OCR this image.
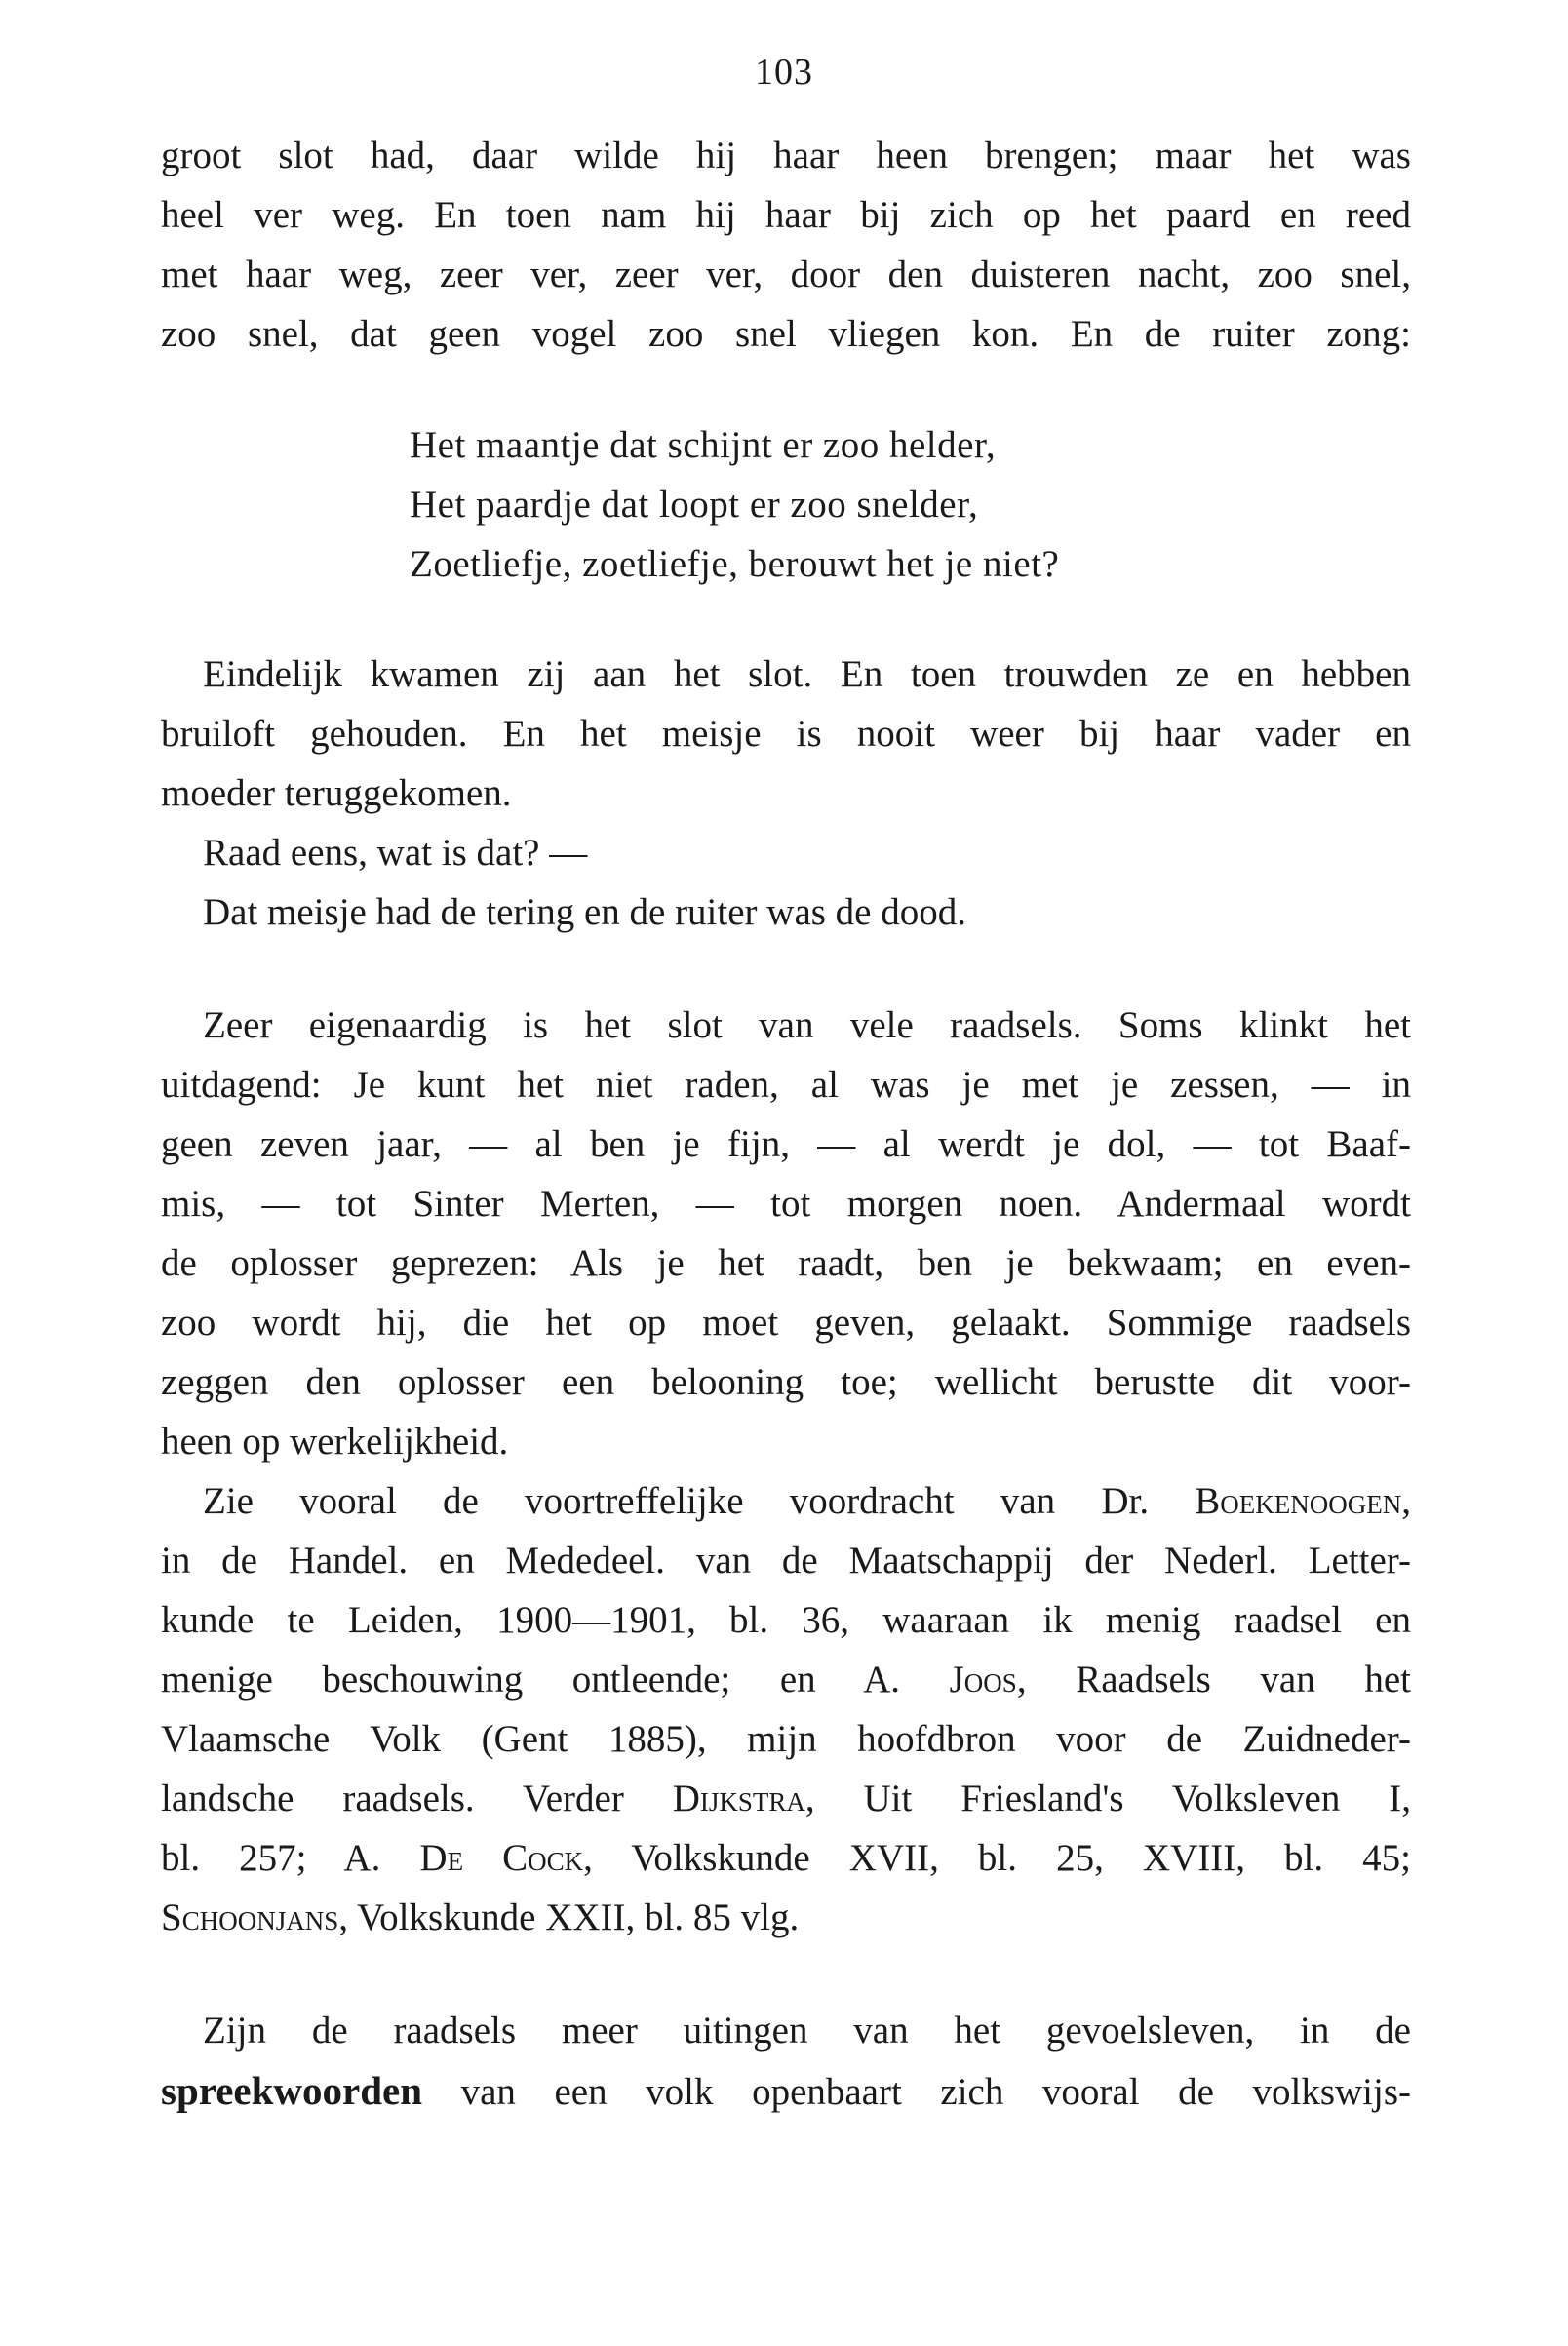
103
groot slot had, daar wilde hij haar heen brengen; maar het was
heel ver weg. En toen nam hij haar bij zich op het paard en reed
met haar weg, zeer ver, zeer ver, door den duisteren nacht, zoo snel,
zoo snel, dat geen vogel zoo snel vliegen kon. En de ruiter zong:
Het maantje dat schijnt er zoo helder,
Het paardje dat loopt er zoo snelder,
Zoetliefje, zoetliefje, berouwt het je niet?
Eindelijk kwamen zij aan het slot. En toen trouwden ze en hebben
bruiloft gehouden. En het meisje is nooit weer bij haar vader en
moeder teruggekomen.
Raad eens, wat is dat? —
Dat meisje had de tering en de ruiter was de dood.
Zeer eigenaardig is het slot van vele raadsels. Soms klinkt het
uitdagend: Je kunt het niet raden, al was je met je zessen, — in
geen zeven jaar, — al ben je fijn, — al werdt je dol, — tot Baaf-
mis, — tot Sinter Merten, — tot morgen noen. Andermaal wordt
de oplosser geprezen: Als je het raadt, ben je bekwaam; en even-
zoo wordt hij, die het op moet geven, gelaakt. Sommige raadsels
zeggen den oplosser een belooning toe; wellicht berustte dit voor-
heen op werkelijkheid.
Zie vooral de voortreffelijke voordracht van Dr. Boekenoogen,
in de Handel. en Mededeel. van de Maatschappij der Nederl. Letter-
kunde te Leiden, 1900—1901, bl. 36, waaraan ik menig raadsel en
menige beschouwing ontleende; en A. Joos, Raadsels van het
Vlaamsche Volk (Gent 1885), mijn hoofdbron voor de Zuidneder-
landsche raadsels. Verder Dijkstra, Uit Friesland's Volksleven I,
bl. 257; A. De Cock, Volkskunde XVII, bl. 25, XVIII, bl. 45;
Schoonjans, Volkskunde XXII, bl. 85 vlg.
Zijn de raadsels meer uitingen van het gevoelsleven, in de
spreekwoorden van een volk openbaart zich vooral de volkswijs-
